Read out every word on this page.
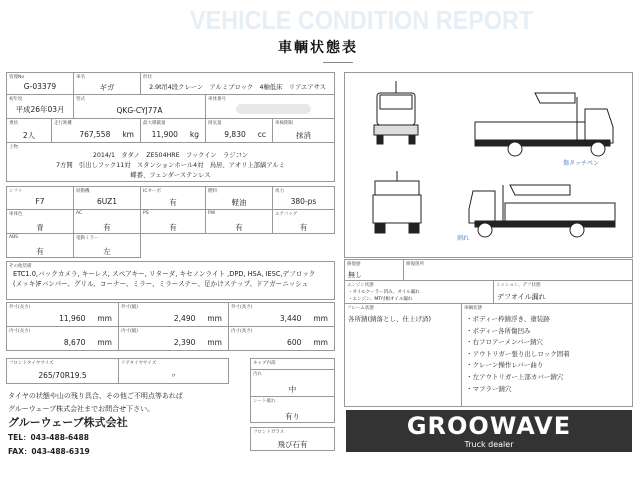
VEHICLE CONDITION REPORT
車輌状態表
管理No
G-03379
車名
ギガ
形状
2.9t吊4段クレーン　アルミブロック　4軸低床　リアエアサス
初年度
平成26年03月
型式
QKG-CYJ77A
車体番号
乗員
2人
走行距離
767,558 km
最大積載量
11,900 kg
排気量
9,830 cc
車検期限
抹消
上物
2014/1　タダノ　ZE504HRE　フックイン　ラジコン
7方開　引出しフック11対　スタンションホール4対　鳥居、アオリ上部縞アルミ
蝶番、フェンダーステンレス
シフト
F7
原動機
6UZ1
ICターボ
有
燃料
軽油
馬力
380-ps
車体色
青
AC
有
PS
有
PW
有
エアバッグ
有
ABS
有
電動ミラー
左
その他装備
ETC1.0,バックカメラ, キーレス, スペアキー, リターダ, キセノンライト ,DPD, HSA, IESC,デフロック
(メッキ)Fバンパー、グリル、コーナー、ミラー、ミラーステー、足かけステップ、ドアガーニッシュ
外寸(長さ)
11,960 mm
外寸(幅)
2,490 mm
外寸(高さ)
3,440 mm
内寸(長さ)
8,670 mm
内寸(幅)
2,390 mm
内寸(高さ)
600 mm
フロントタイヤサイズ
265/70R19.5
リアタイヤサイズ
〃
タイヤの状態や山の残り具合、その他ご不明点等あれば
グルーウェーブ株式会社までお問合せ下さい。
グルーウェーブ株式会社
TEL：043-488-6488
FAX：043-488-6319
キャブ内部
汚れ
中
シート破れ
有り
フロントガラス
飛び石有
傷タッチペン
割れ
修復歴
無し
修復箇所
エンジン状態
・オイルクーラー凹み、オイル漏れ
・エンジン、MT付根オイル漏れ
ミッション、デフ状態
デフオイル漏れ
フレーム状態
各所錆(錆落とし、仕上げ済)
車輌状態
・ボディー枠錆浮き、塗装跡
・ボディー各所傷凹み
・右フロアーメンバー錆穴
・アウトリガー張り出しロック固着
・クレーン操作レバー曲り
・左アウトリガー上部カバー錆穴
・マフラー錆穴
GROOWAVE
Truck dealer
